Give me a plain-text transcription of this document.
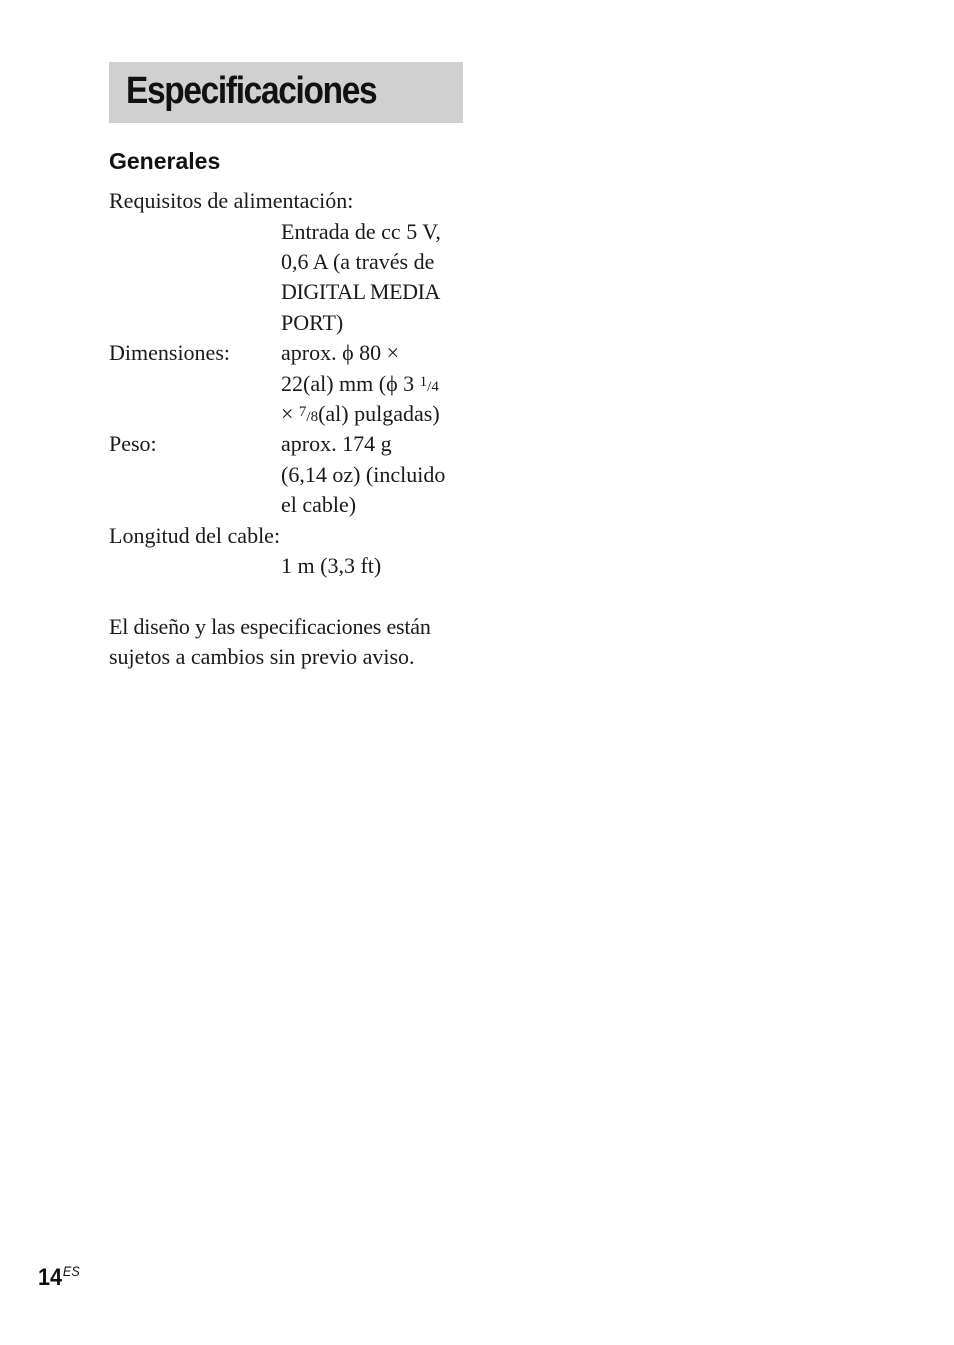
Especificaciones
Generales
Requisitos de alimentación:
Entrada de cc 5 V,
0,6 A (a través de
DIGITAL MEDIA
PORT)
Dimensiones: aprox. ϕ 80 ×
22(al) mm (ϕ 3 $^1$/4
× $^7$/8(al) pulgadas)
Peso:	aprox. 174 g
(6,14 oz) (incluido
el cable)
Longitud del cable:
1 m (3,3 ft)
El diseño y las especificaciones están
sujetos a cambios sin previo aviso.
$14^{ES}$
